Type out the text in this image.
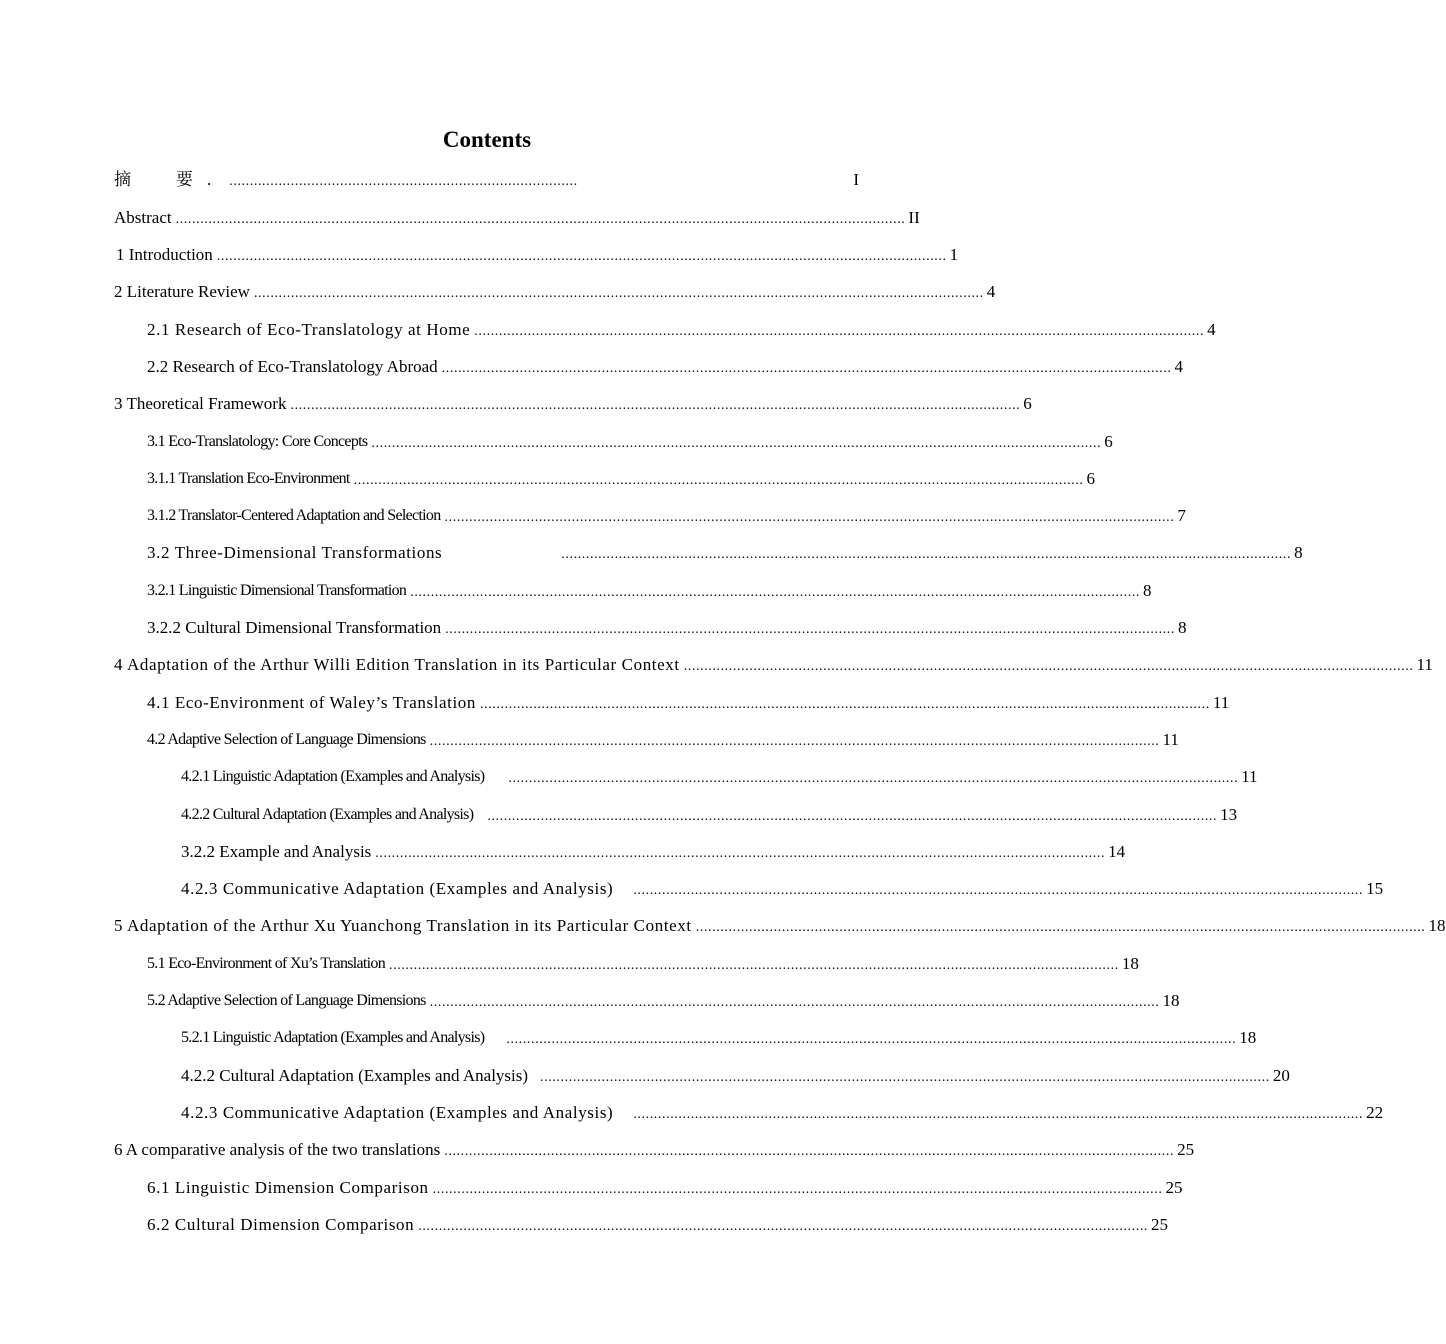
Contents
摘　要. .....................................................................................	I
Abstract .................................................................................................................................................................................. II
1 Introduction .................................................................................................................................................................................. 1
2 Literature Review .................................................................................................................................................................................. 4
2.1 Research of Eco-Translatology at Home .................................................................................................................................................................................. 4
2.2 Research of Eco-Translatology Abroad .................................................................................................................................................................................. 4
3 Theoretical Framework .................................................................................................................................................................................. 6
3.1 Eco-Translatology: Core Concepts .................................................................................................................................................................................. 6
3.1.1 Translation Eco-Environment .................................................................................................................................................................................. 6
3.1.2 Translator-Centered Adaptation and Selection .................................................................................................................................................................................. 7
3.2 Three-Dimensional Transformations	.................................................................................................................................................................................. 8
3.2.1 Linguistic Dimensional Transformation .................................................................................................................................................................................. 8
3.2.2 Cultural Dimensional Transformation .................................................................................................................................................................................. 8
4 Adaptation of the Arthur Willi Edition Translation in its Particular Context .................................................................................................................................................................................. 11
4.1 Eco-Environment of Waley’s Translation .................................................................................................................................................................................. 11
4.2 Adaptive Selection of Language Dimensions .................................................................................................................................................................................. 11
4.2.1 Linguistic Adaptation (Examples and Analysis) .................................................................................................................................................................................. 11
4.2.2 Cultural Adaptation (Examples and Analysis) .................................................................................................................................................................................. 13
3.2.2 Example and Analysis .................................................................................................................................................................................. 14
4.2.3 Communicative Adaptation (Examples and Analysis) .................................................................................................................................................................................. 15
5 Adaptation of the Arthur Xu Yuanchong Translation in its Particular Context .................................................................................................................................................................................. 18
5.1 Eco-Environment of Xu’s Translation .................................................................................................................................................................................. 18
5.2 Adaptive Selection of Language Dimensions .................................................................................................................................................................................. 18
5.2.1 Linguistic Adaptation (Examples and Analysis) .................................................................................................................................................................................. 18
4.2.2 Cultural Adaptation (Examples and Analysis) .................................................................................................................................................................................. 20
4.2.3 Communicative Adaptation (Examples and Analysis) .................................................................................................................................................................................. 22
6 A comparative analysis of the two translations .................................................................................................................................................................................. 25
6.1 Linguistic Dimension Comparison .................................................................................................................................................................................. 25
6.2 Cultural Dimension Comparison .................................................................................................................................................................................. 25
